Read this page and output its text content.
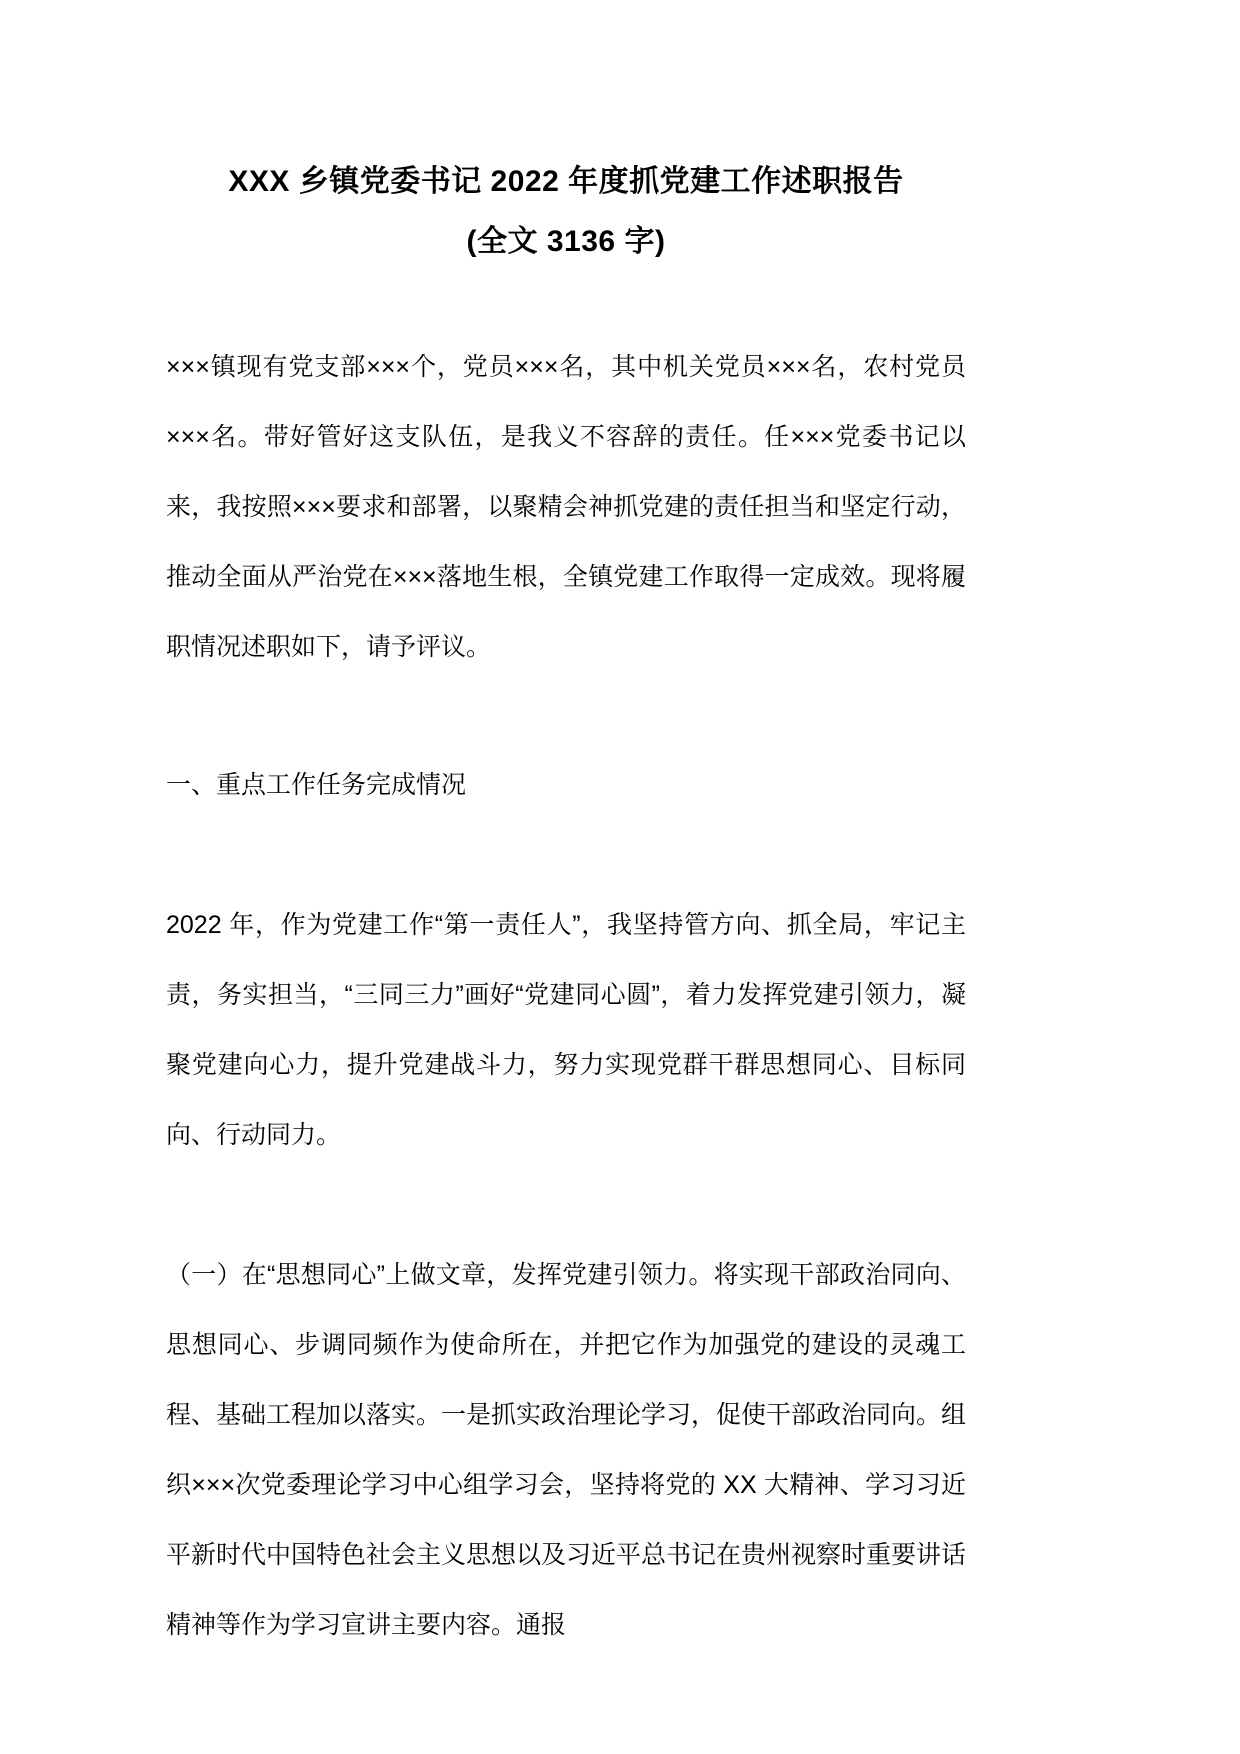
XXX 乡镇党委书记 2022 年度抓党建工作述职报告
(全文 3136 字)

×××镇现有党支部×××个，党员×××名，其中机关党员×××名，农村党员×××名。带好管好这支队伍，是我义不容辞的责任。任×××党委书记以来，我按照×××要求和部署，以聚精会神抓党建的责任担当和坚定行动，推动全面从严治党在×××落地生根，全镇党建工作取得一定成效。现将履职情况述职如下，请予评议。

一、重点工作任务完成情况

2022 年，作为党建工作“第一责任人”，我坚持管方向、抓全局，牢记主责，务实担当，“三同三力”画好“党建同心圆”，着力发挥党建引领力，凝聚党建向心力，提升党建战斗力，努力实现党群干群思想同心、目标同向、行动同力。

（一）在“思想同心”上做文章，发挥党建引领力。将实现干部政治同向、思想同心、步调同频作为使命所在，并把它作为加强党的建设的灵魂工程、基础工程加以落实。一是抓实政治理论学习，促使干部政治同向。组织×××次党委理论学习中心组学习会，坚持将党的 XX 大精神、学习习近平新时代中国特色社会主义思想以及习近平总书记在贵州视察时重要讲话精神等作为学习宣讲主要内容。通报
